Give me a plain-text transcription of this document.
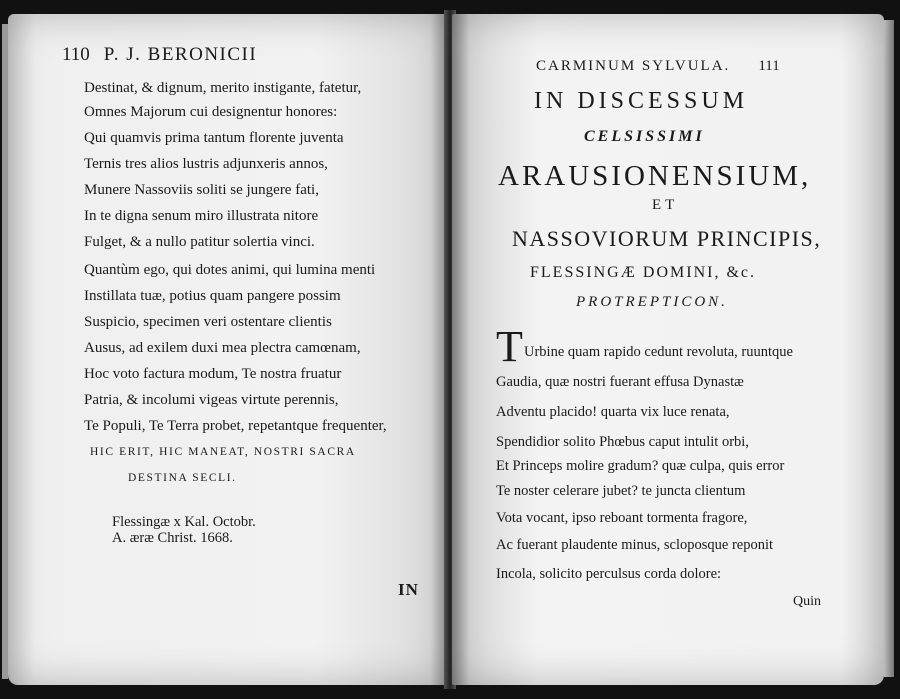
110 P. J. BERONICII
Destinat, & dignum, merito instigante, fatetur,
Omnes Majorum cui designentur honores:
Qui quamvis prima tantum florente juventa
Ternis tres alios lustris adjunxeris annos,
Munere Nassoviis soliti se jungere fati,
In te digna senum miro illustrata nitore
Fulget, & a nullo patitur solertia vinci.
Quantùm ego, qui dotes animi, qui lumina menti
Instillata tuæ, potius quam pangere possim
Suspicio, specimen veri ostentare clientis
Ausus, ad exilem duxi mea plectra camœnam,
Hoc voto factura modum, Te nostra fruatur
Patria, & incolumi vigeas virtute perennis,
Te Populi, Te Terra probet, repetantque frequenter,
HIC ERIT, HIC MANEAT, NOSTRI SACRA
DESTINA SECLI.
Flessingæ x Kal. Octobr.
A. æræ Christ. 1668.
IN
CARMINUM SYLVULA. 111
IN DISCESSUM
CELSISSIMI
ARAUSIONENSIUM,
ET
NASSOVIORUM PRINCIPIS,
FLESSINGÆ DOMINI, &c.
PROTREPTICON.
T Urbine quam rapido cedunt revoluta, ruuntque
Gaudia, quæ nostri fuerant effusa Dynastæ
Adventu placido! quarta vix luce renata,
Spendidior solito Phœbus caput intulit orbi,
Et Princeps molire gradum? quæ culpa, quis error
Te noster celerare jubet? te juncta clientum
Vota vocant, ipso reboant tormenta fragore,
Ac fuerant plaudente minus, scloposque reponit
Incola, solicito perculsus corda dolore:
Quin
